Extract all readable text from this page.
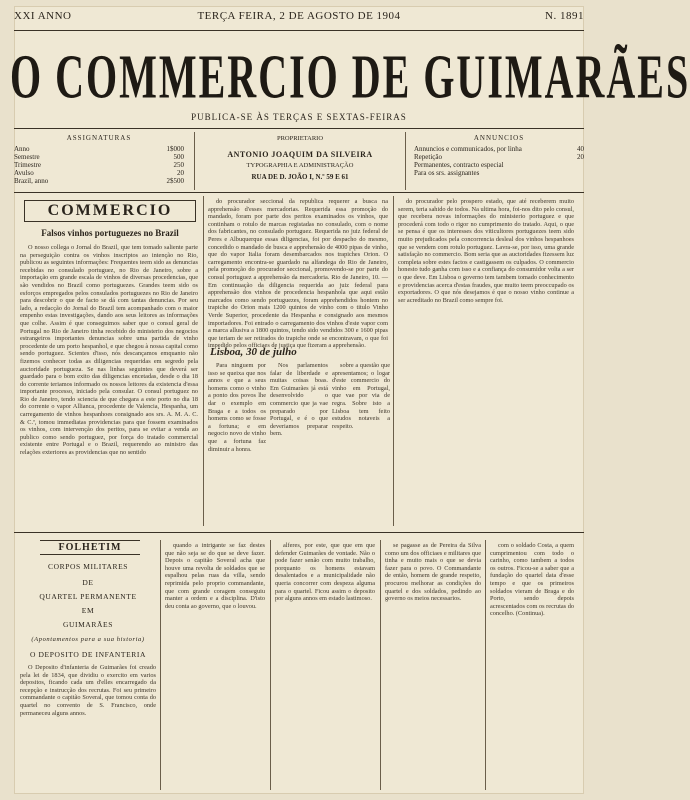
XXI ANNO	TERÇA FEIRA, 2 DE AGOSTO DE 1904	N. 1891
O COMMERCIO DE GUIMARÃES
PUBLICA-SE ÀS TERÇAS E SEXTAS-FEIRAS
ASSIGNATURAS
Anno	1$000
Semestre	500
Trimestre	250
Avulso	20
Brazil, anno	2$500
PROPRIETARIO
ANTONIO JOAQUIM DA SILVEIRA
TYPOGRAPHIA E ADMINISTRAÇÃO
RUA DE D. JOÃO I, N.º 59 E 61
ANNUNCIOS
Annuncios e communicados, por linha	40
Repetição	20
Permanentes, contracto especial
Para os srs. assignantes
COMMERCIO
Falsos vinhos portuguezes no Brazil

O nosso collega o Jornal do Brazil, que tem tomado saliente parte na perseguição contra os vinhos inscriptos ao intenção no Rio, publicou as seguintes informações: Frequentes teem sido as denuncias recebidas no consulado portuguez, no Rio de Janeiro, sobre a importação em grande escala de vinhos de diversas procedencias, que são vendidos no Brazil como portuguezes. Grandes teem sido os esforços empregados pelos consulados portuguezes no Rio de Janeiro para descobrir o que de facto se dá com tantas denuncias. Por seu lado, a redacção do Jornal do Brazil tem acompanhado com o maior empenho estas investigações, dando aos seus leitores as informações que colhe. Assim é que conseguimos saber que o consul geral de Portugal no Rio de Janeiro tinha recebido do ministerio dos negocios estrangeiros importantes denuncias sobre uma partida de vinho procedente de um porto hespanhol, e que chegou à nossa capital como sendo portuguez. Scientes d'isso, nós descançamos emquanto não fizemos conhecer todas as diligencias requeridas em segredo pela auctoridade portugueza. Se nas linhas seguintes que deverá ser guardado para o bom exito das diligencias encetadas, desde o dia 18 do corrente teriamos informado os nossos leitores da existencia d'essa importante processo, iniciado pela consular. O consul portuguez no Rio de Janeiro, tendo sciencia de que chegara a este porto no dia 18 do corrente o vapor Allianca, procedente de Valencia, Hespanha, um carregamento de vinhos hespanhoes consignado aos srs. A. M. A. C. & C.ª, tomou immediatas providencias para que fossem examinados os vinhos, com intervenção dos peritos, para se evitar a venda ao publico como sendo portuguez, por força do tratado commercial existente entre Portugal e o Brazil, requerendo ao ministro das relações exteriores as providencias que no sentido

do procurador seccional da republica requerer a busca na apprehensão d'esses mercadorias. Requerida essa promoção do mandado, foram por parte dos peritos examinados os vinhos, que continham o rotulo de marcas registadas no consulado, com o nome dos fabricantes, no consulado portuguez. Requerida no juiz federal de Peres e Albuquerque essas diligencias, foi por despacho do mesmo, concedido o mandado de busca e apprehensão de 4000 pipas de vinho, que do vapor Italia foram desembarcados nos trapiches Orion. O carregamento encontra-se guardado na alfandega do Rio de Janeiro, pela promoção do procurador seccional, promovendo-se por parte do consul portuguez a apprehensão da mercadoria. Rio de Janeiro, 10. — Em continuação da diligencia requerida ao juiz federal para apprehensão dos vinhos de procedencia hespanhola que aqui estão marcados como sendo portuguezes, foram apprehendidos hontem no trapiche do Orion mais 1200 quintos de vinho com o titulo Vinho Verde Superior, procedente da Hespanha e consignado aos mesmos importadores. Foi entrado o carregamento dos vinhos d'este vapor com a marca allusiva a 1800 quintos, tendo sido vendidos 300 e 1600 pipas que teriam de ser retirados do trapiche onde se encontravam, o que foi impedido pelos officiaes de justiça que fizeram a apprehensão.

Lisboa, 30 de julho

Para ninguem por isso se queixa que nos annos e que a seus homens como o vinho a ponto dos povos lhe dar o exemplo em Braga e a todos os homens como se fosse a fortuna; e em negocio novo de vinho que a fortuna faz diminuir a honra.

Nos parlamentos falar de liberdade e muitas coisas boas. Em Guimarães já está desenvolvido o commercio que ja vae preparado por Portugal, e é o que deveriamos preparar bem.

sobre a questão que apresentamos; o logar d'este commercio do vinho em Portugal, que vae por via de regra. Sobre isto a Lisboa tem feito estudos notaveis a respeito.

do procurador pelo prospero estado, que até receberem muito serem, teria sahido de todos. Na ultima hora, foi-nos dito pelo consul, que recebera novas informações do ministerio portuguez e que procederá com todo o rigor no cumprimento do tratado. Aqui, o que se pensa é que os interesses dos viticultores portuguezes teem sido muito prejudicados pela concorrencia desleal dos vinhos hespanhoes que se vendem com rotulo portuguez. Lavra-se, por isso, uma grande satisfação no commercio. Bom seria que as auctoridades fizessem luz completa sobre estes factos e castigassem os culpados. O commercio honesto tudo ganha com isso e a confiança do consumidor volta a ser o que deve. Em Lisboa o governo tem tambem tomado conhecimento e providencias acerca d'estas fraudes, que muito teem preoccupado os exportadores. O que nós desejamos é que o nosso vinho continue a ser acreditado no Brazil como sempre foi.

FOLHETIM
CORPOS MILITARES
DE
QUARTEL PERMANENTE
EM
GUIMARÃES
(Apontamentos para a sua historia)
O DEPOSITO DE INFANTERIA

O Deposito d'infanteria de Guimarães foi creado pela lei de 1834, que dividiu o exercito em varios depositos, ficando cada um d'elles encarregado da recepção e instrucção dos recrutas. Foi seu primeiro commandante o capitão Soveral, que tomou conta do quartel no convento de S. Francisco, onde permaneceu alguns annos.

quando a intrigante se faz destes que não seja se do que se deve fazer. Depois o capitão Soveral acha que houve uma revolta de soldados que se espalhou pelas ruas da villa, sendo reprimida pelo proprio commandante, que com grande coragem conseguiu manter a ordem e a disciplina. D'isto deu conta ao governo, que o louvou.

alferes, por este, que que em que defender Guimarães de vontade. Não o pode fazer senão com muito trabalho, porquanto os homens estavam desalentados e a municipalidade não queria concorrer com despeza alguma para o quartel. Ficou assim o deposito por alguns annos em estado lastimoso.

se pagasse as de Pereira da Silva como um dos officiaes e militares que tinha e muito mais o que se devia fazer para o povo. O Commandante de então, homem de grande respeito, procurou melhorar as condições do quartel e dos soldados, pedindo ao governo os meios necessarios.

com o soldado Costa, a quem cumprimentou com todo o carinho, como tambem a todos os outros. Ficou-se a saber que a fundação do quartel data d'esse tempo e que os primeiros soldados vieram de Braga e do Porto, sendo depois acrescentados com os recrutas do concelho. (Continua).
